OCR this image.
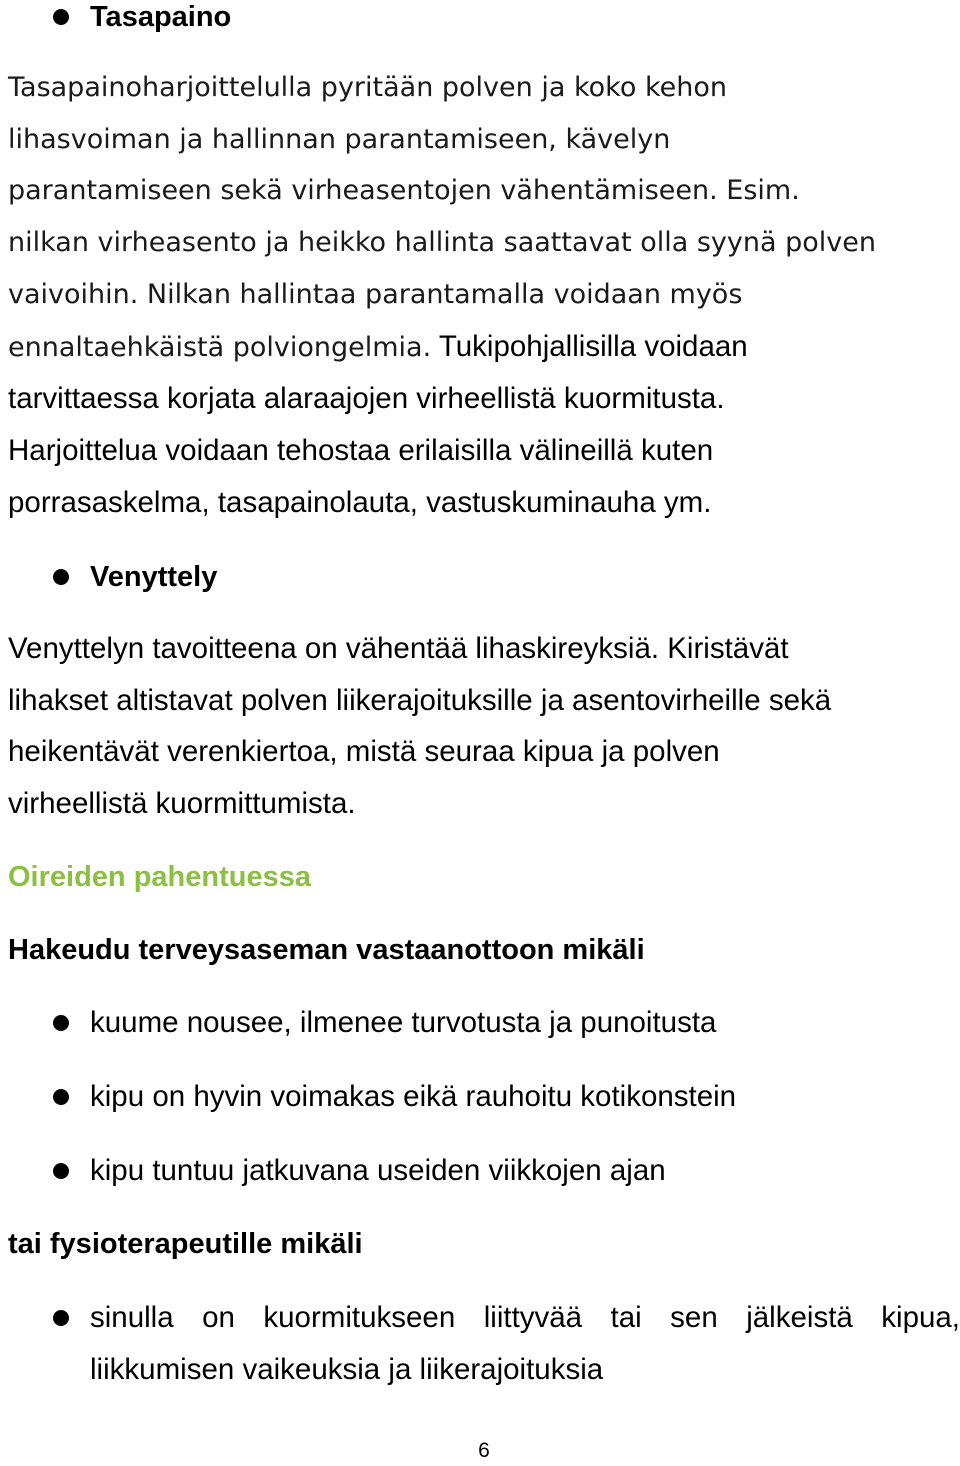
Tasapaino

Tasapainoharjoittelulla pyritään polven ja koko kehon
lihasvoiman ja hallinnan parantamiseen, kävelyn
parantamiseen sekä virheasentojen vähentämiseen. Esim.
nilkan virheasento ja heikko hallinta saattavat olla syynä polven
vaivoihin. Nilkan hallintaa parantamalla voidaan myös
ennaltaehkäistä polviongelmia. Tukipohjallisilla voidaan
tarvittaessa korjata alaraajojen virheellistä kuormitusta.
Harjoittelua voidaan tehostaa erilaisilla välineillä kuten
porrasaskelma, tasapainolauta, vastuskuminauha ym.

Venyttely

Venyttelyn tavoitteena on vähentää lihaskireyksiä. Kiristävät
lihakset altistavat polven liikerajoituksille ja asentovirheille sekä
heikentävät verenkiertoa, mistä seuraa kipua ja polven
virheellistä kuormittumista.

Oireiden pahentuessa
Hakeudu terveysaseman vastaanottoon mikäli
kuume nousee, ilmenee turvotusta ja punoitusta
kipu on hyvin voimakas eikä rauhoitu kotikonstein
kipu tuntuu jatkuvana useiden viikkojen ajan
tai fysioterapeutille mikäli
sinulla on kuormitukseen liittyvää tai sen jälkeistä kipua, liikkumisen vaikeuksia ja liikerajoituksia
6
